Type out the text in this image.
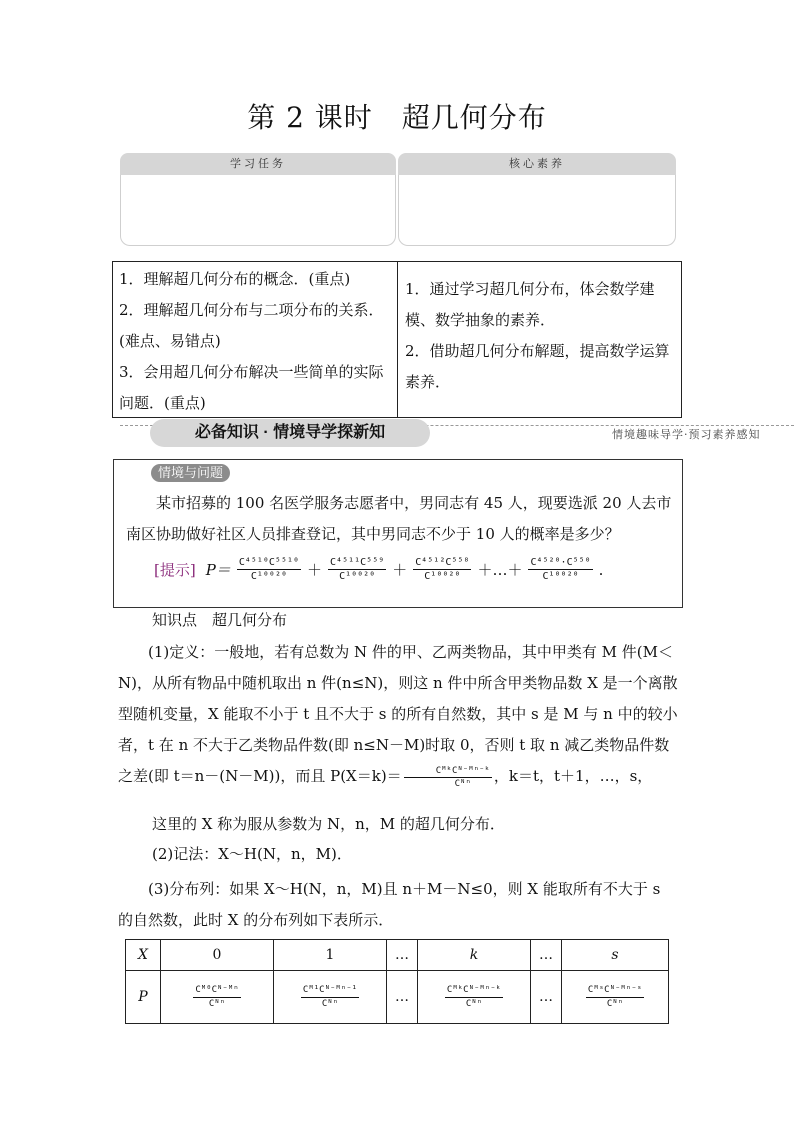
第 2 课时　超几何分布
学习任务	核心素养
1．理解超几何分布的概念．(重点)
2．理解超几何分布与二项分布的关系．(难点、易错点)
3．会用超几何分布解决一些简单的实际问题．(重点)
1．通过学习超几何分布，体会数学建模、数学抽象的素养．
2．借助超几何分布解题，提高数学运算素养．
必备知识 · 情境导学探新知	情境趣味导学·预习素养感知
情境与问题
某市招募的 100 名医学服务志愿者中，男同志有 45 人，现要选派 20 人去市南区协助做好社区人员排查登记，其中男同志不少于 10 人的概率是多少？
[提示] $P= \frac{\text{C⁴⁵¹⁰C⁵⁵¹⁰}}{\text{C¹⁰⁰²⁰}} + \frac{\text{C⁴⁵¹¹C⁵⁵⁹}}{\text{C¹⁰⁰²⁰}} + \frac{\text{C⁴⁵¹²C⁵⁵⁸}}{\text{C¹⁰⁰²⁰}}$ ＋…＋ $\frac{\text{C⁴⁵²⁰·C⁵⁵⁰}}{\text{C¹⁰⁰²⁰}}$ .
知识点　超几何分布
(1)定义：一般地，若有总数为 N 件的甲、乙两类物品，其中甲类有 M 件(M＜N)，从所有物品中随机取出 n 件(n≤N)，则这 n 件中所含甲类物品数 X 是一个离散型随机变量，X 能取不小于 t 且不大于 s 的所有自然数，其中 s 是 M 与 n 中的较小者，t 在 n 不大于乙类物品件数(即 n≤N－M)时取 0，否则 t 取 n 减乙类物品件数之差(即 t＝n－(N－M))，而且 $P(X=k)= \frac{\text{CᴹᵏCᴺ⁻ᴹⁿ⁻ᵏ}}{\text{Cᴺⁿ}}$ ，k＝t，t＋1，…，s，
这里的 X 称为服从参数为 N，n，M 的超几何分布．
(2)记法：X～H(N，n，M)．
(3)分布列：如果 X～H(N，n，M)且 n＋M－N≤0，则 X 能取所有不大于 s 的自然数，此时 X 的分布列如下表所示．
X	0	1	…	k	…	s
P	$\frac{\text{Cᴹ⁰Cᴺ⁻ᴹⁿ}}{\text{Cᴺⁿ}}$	$\frac{\text{Cᴹ¹Cᴺ⁻ᴹⁿ⁻¹}}{\text{Cᴺⁿ}}$	…	$\frac{\text{CᴹᵏCᴺ⁻ᴹⁿ⁻ᵏ}}{\text{Cᴺⁿ}}$	…	$\frac{\text{CᴹˢCᴺ⁻ᴹⁿ⁻ˢ}}{\text{Cᴺⁿ}}$
